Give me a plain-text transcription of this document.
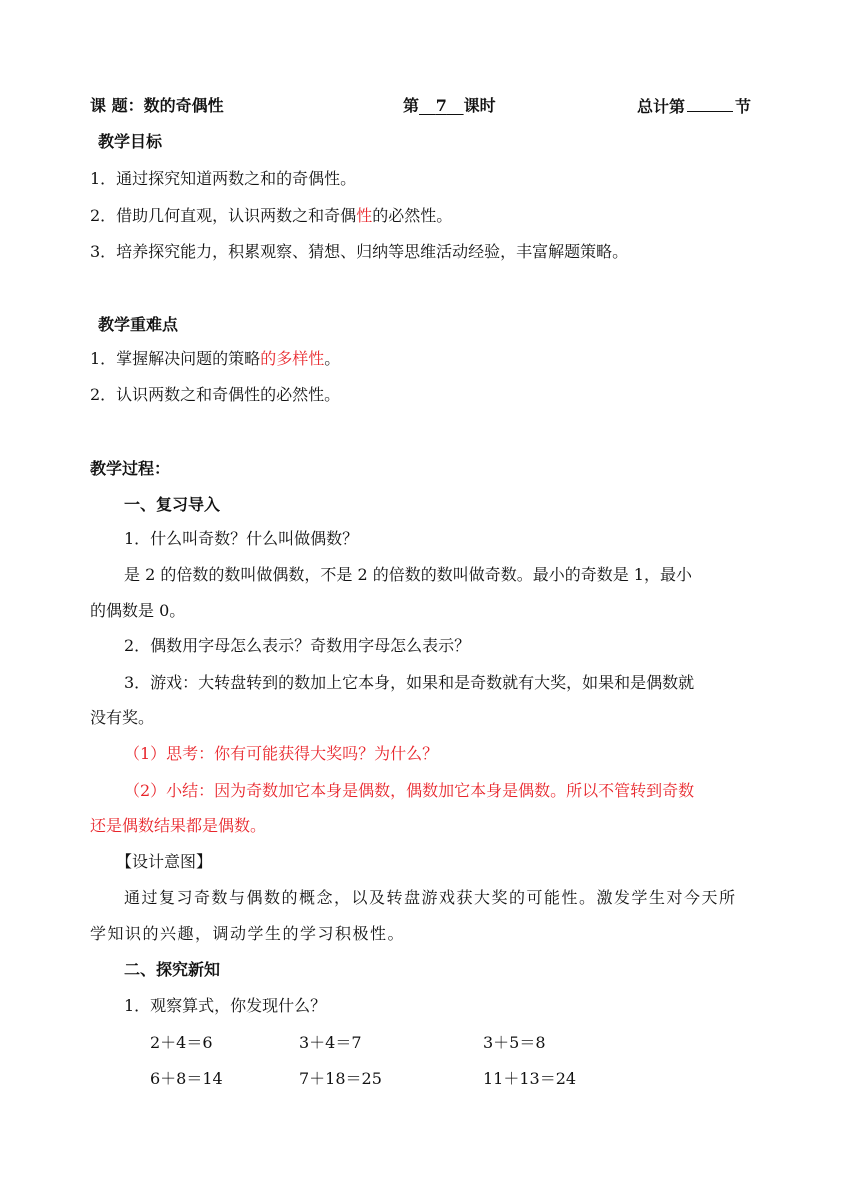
课 题：数的奇偶性	第 7 课时	总计第	节
教学目标
1．通过探究知道两数之和的奇偶性。
2．借助几何直观，认识两数之和奇偶性的必然性。
3．培养探究能力，积累观察、猜想、归纳等思维活动经验，丰富解题策略。
教学重难点
1．掌握解决问题的策略的多样性。
2．认识两数之和奇偶性的必然性。
教学过程：
一、复习导入
1．什么叫奇数？什么叫做偶数？
是 2 的倍数的数叫做偶数，不是 2 的倍数的数叫做奇数。最小的奇数是 1，最小
的偶数是 0。
2．偶数用字母怎么表示？奇数用字母怎么表示？
3．游戏：大转盘转到的数加上它本身，如果和是奇数就有大奖，如果和是偶数就
没有奖。
（1）思考：你有可能获得大奖吗？为什么？
（2）小结：因为奇数加它本身是偶数，偶数加它本身是偶数。所以不管转到奇数
还是偶数结果都是偶数。
【设计意图】
通过复习奇数与偶数的概念，以及转盘游戏获大奖的可能性。激发学生对今天所
学知识的兴趣，调动学生的学习积极性。
二、探究新知
1．观察算式，你发现什么？
2＋4＝6	3＋4＝7	3＋5＝8
6＋8＝14	7＋18＝25	11＋13＝24
